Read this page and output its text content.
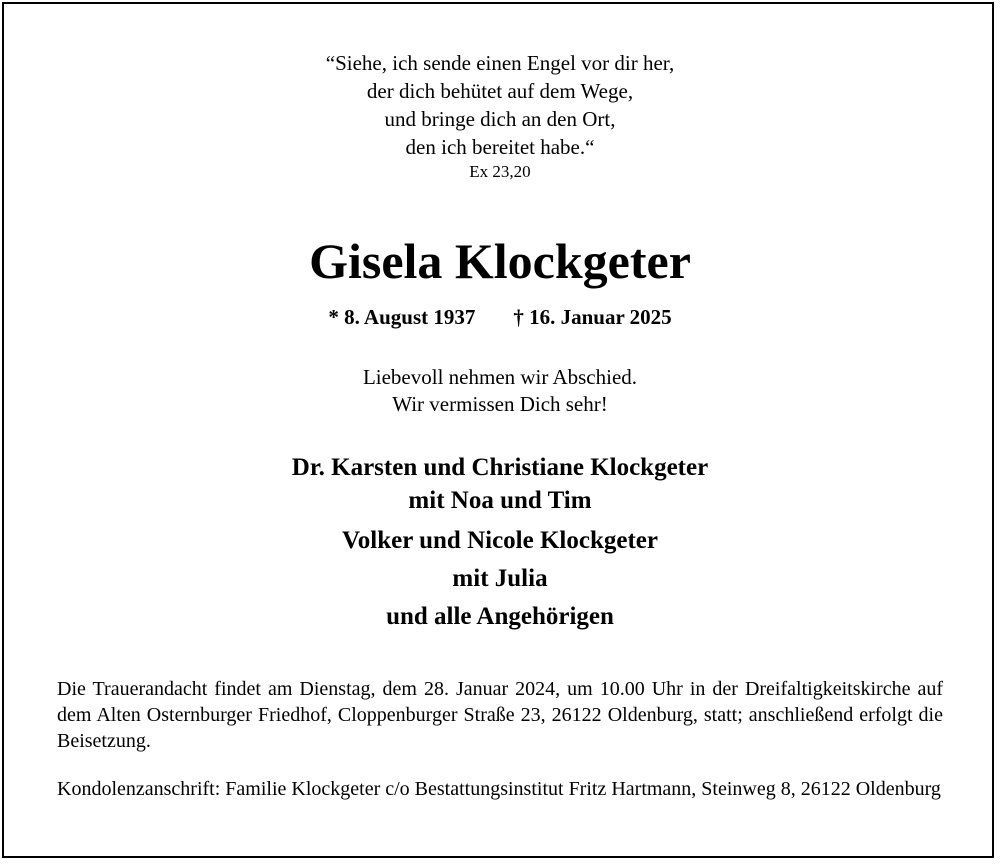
“Siehe, ich sende einen Engel vor dir her,
der dich behütet auf dem Wege,
und bringe dich an den Ort,
den ich bereitet habe.“
Ex 23,20
Gisela Klockgeter
* 8. August 1937 † 16. Januar 2025
Liebevoll nehmen wir Abschied.
Wir vermissen Dich sehr!
Dr. Karsten und Christiane Klockgeter
mit Noa und Tim
Volker und Nicole Klockgeter
mit Julia
und alle Angehörigen
Die Trauerandacht findet am Dienstag, dem 28. Januar 2024, um 10.00 Uhr in der Dreifaltigkeitskirche auf dem Alten Osternburger Friedhof, Cloppenburger Straße 23, 26122 Oldenburg, statt; anschließend erfolgt die Beisetzung.
Kondolenzanschrift: Familie Klockgeter c/o Bestattungsinstitut Fritz Hartmann, Steinweg 8, 26122 Oldenburg
